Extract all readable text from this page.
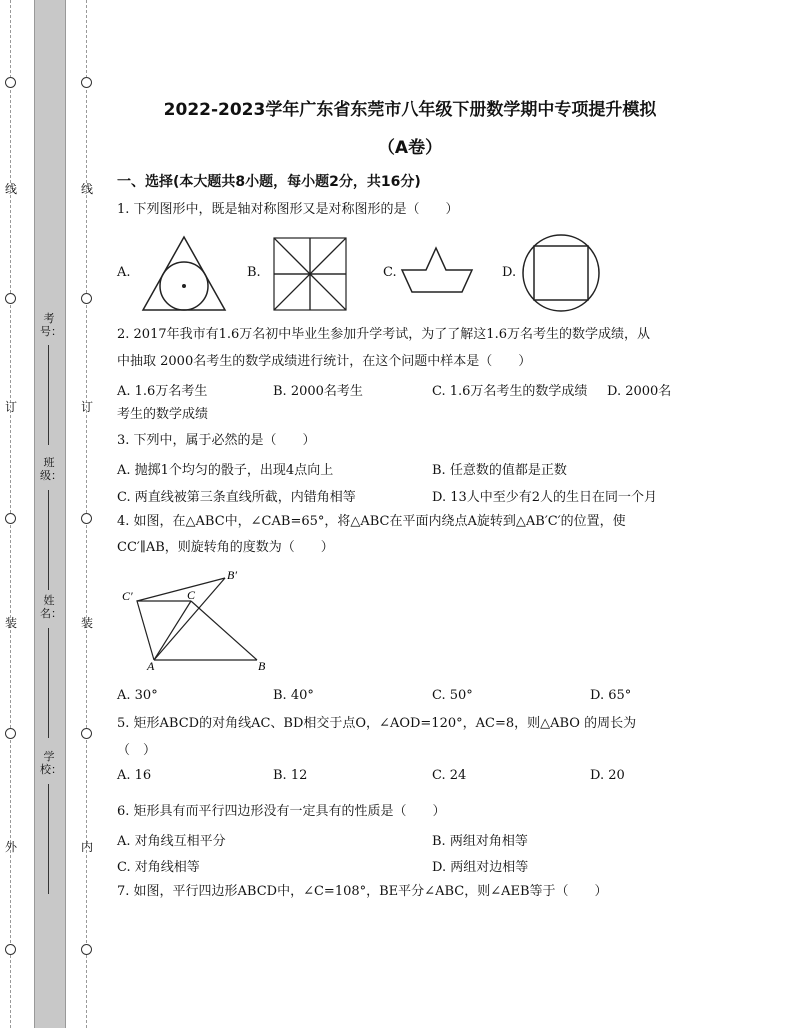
线
订
装
外
线
订
装
内
考号：
班级：
姓名：
学校：
2022-2023学年广东省东莞市八年级下册数学期中专项提升模拟
（A卷）
一、选择(本大题共8小题，每小题2分，共16分)
1. 下列图形中，既是轴对称图形又是对称图形的是（　　）
A.	B.	C.	D.
2. 2017年我市有1.6万名初中毕业生参加升学考试，为了了解这1.6万名考生的数学成绩，从
中抽取 2000名考生的数学成绩进行统计，在这个问题中样本是（　　）
A. 1.6万名考生	B. 2000名考生	C. 1.6万名考生的数学成绩 D. 2000名
考生的数学成绩
3. 下列中，属于必然的是（　　）
A. 抛掷1个均匀的骰子，出现4点向上	B. 任意数的值都是正数
C. 两直线被第三条直线所截，内错角相等	D. 13人中至少有2人的生日在同一个月
4. 如图，在△ABC中，∠CAB=65°，将△ABC在平面内绕点A旋转到△AB′C′的位置，使
CC′∥AB，则旋转角的度数为（　　）
C′	C
B′
A	B
A. 30°	B. 40°	C. 50°	D. 65°
5. 矩形ABCD的对角线AC、BD相交于点O，∠AOD=120°，AC=8，则△ABO 的周长为
（　）
A. 16	B. 12	C. 24	D. 20
6. 矩形具有而平行四边形没有一定具有的性质是（　　）
A. 对角线互相平分	B. 两组对角相等
C. 对角线相等	D. 两组对边相等
7. 如图，平行四边形ABCD中，∠C=108°，BE平分∠ABC，则∠AEB等于（　　）
